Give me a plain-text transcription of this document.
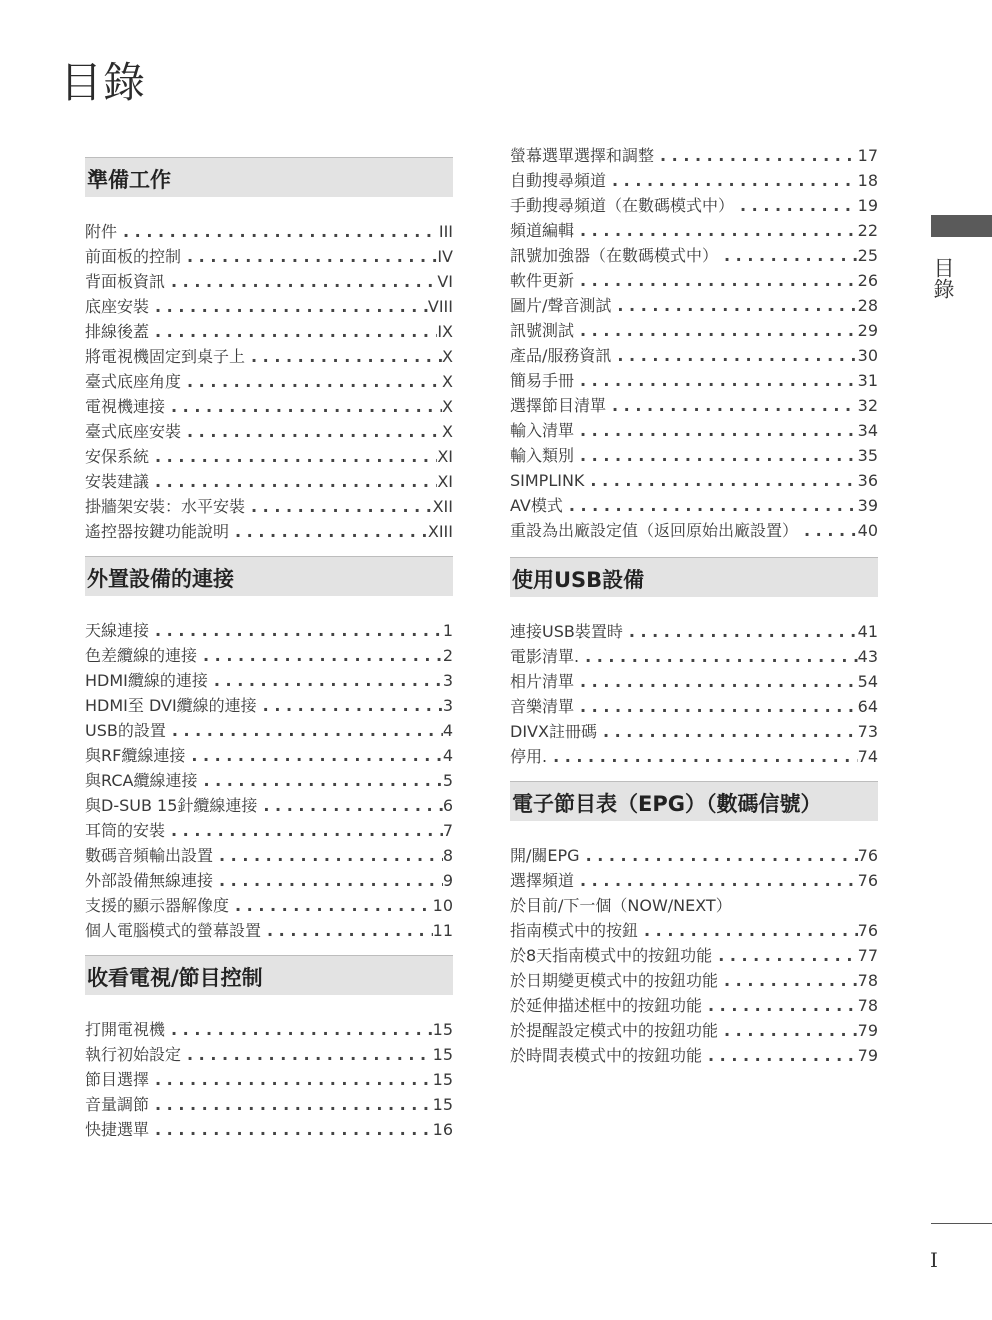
目錄
準備工作
附件 . . .	III
前面板的控制 . . .	IV
背面板資訊 . . .	VI
底座安裝 . . .	VIII
排線後蓋 . . .	IX
將電視機固定到桌子上 . . .	X
臺式底座角度 . . .	X
電視機連接 . . .	X
臺式底座安裝 . . .	X
安保系統 . . .	XI
安裝建議 . . .	XI
掛牆架安裝：水平安裝 . . .	XII
遙控器按鍵功能說明 . . .	XIII
外置設備的連接
天線連接 . . .	1
色差纜線的連接 . . .	2
HDMI纜線的連接 . . .	3
HDMI至 DVI纜線的連接 . . .	3
USB的設置 . . .	4
與RF纜線連接 . . .	4
與RCA纜線連接 . . .	5
與D-SUB 15針纜線連接 . . .	6
耳筒的安裝 . . .	7
數碼音頻輸出設置 . . .	8
外部設備無線連接 . . .	9
支援的顯示器解像度 . . .	10
個人電腦模式的螢幕設置 . . .	11
收看電視/節目控制
打開電視機 . . .	15
執行初始設定 . . .	15
節目選擇 . . .	15
音量調節 . . .	15
快捷選單 . . .	16
螢幕選單選擇和調整 . . .	17
自動搜尋頻道 . . .	18
手動搜尋頻道（在數碼模式中） . . .	19
頻道編輯 . . .	22
訊號加強器（在數碼模式中） . . .	25
軟件更新 . . .	26
圖片/聲音測試 . . .	28
訊號測試 . . .	29
產品/服務資訊 . . .	30
簡易手冊 . . .	31
選擇節目清單 . . .	32
輸入清單 . . .	34
輸入類別 . . .	35
SIMPLINK . . .	36
AV模式 . . .	39
重設為出廠設定值（返回原始出廠設置） . . .	40
使用USB設備
連接USB裝置時 . . .	41
電影清單. . . .	43
相片清單 . . .	54
音樂清單 . . .	64
DIVX註冊碼 . . .	73
停用. . . .	74
電子節目表（EPG）（數碼信號）
開/關EPG . . .	76
選擇頻道 . . .	76
於目前/下一個（NOW/NEXT）
指南模式中的按鈕 . . .	76
於8天指南模式中的按鈕功能 . . .	77
於日期變更模式中的按鈕功能 . . .	78
於延伸描述框中的按鈕功能 . . .	78
於提醒設定模式中的按鈕功能 . . .	79
於時間表模式中的按鈕功能 . . .	79
目錄
I
